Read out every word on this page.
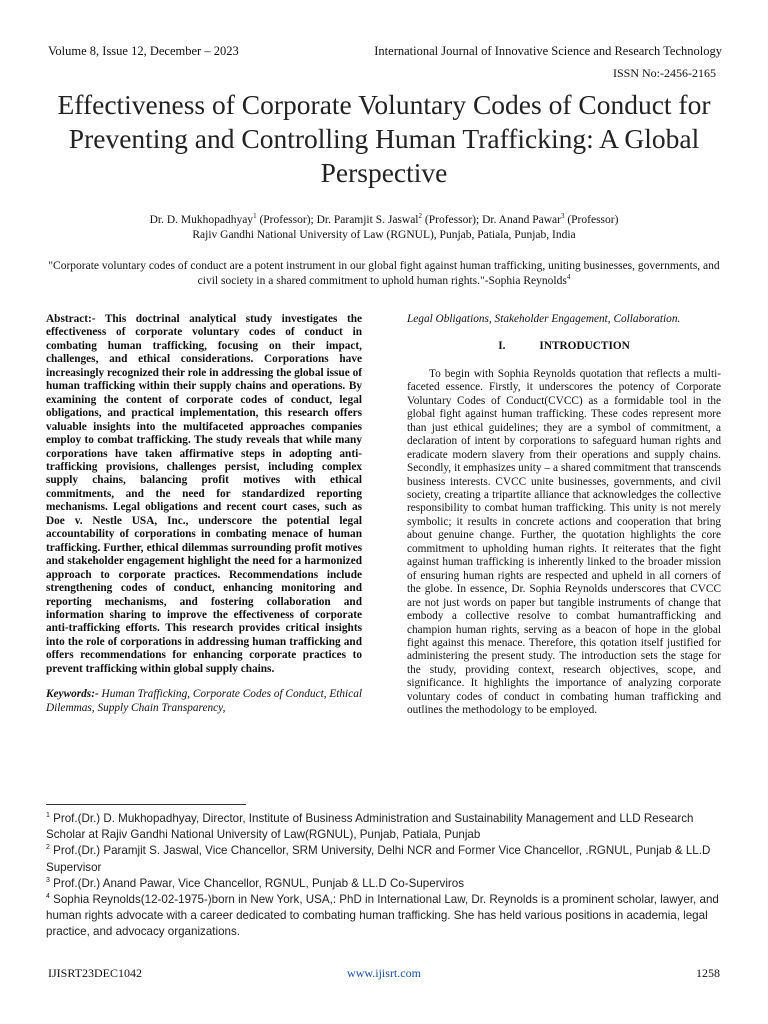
Volume 8, Issue 12, December – 2023	International Journal of Innovative Science and Research Technology
ISSN No:-2456-2165
Effectiveness of Corporate Voluntary Codes of Conduct for Preventing and Controlling Human Trafficking: A Global Perspective
Dr. D. Mukhopadhyay$^1$ (Professor); Dr. Paramjit S. Jaswal$^2$ (Professor); Dr. Anand Pawar$^3$ (Professor)
Rajiv Gandhi National University of Law (RGNUL), Punjab, Patiala, Punjab, India
"Corporate voluntary codes of conduct are a potent instrument in our global fight against human trafficking, uniting businesses, governments, and civil society in a shared commitment to uphold human rights."-Sophia Reynolds$^4$

Abstract:- This doctrinal analytical study investigates the effectiveness of corporate voluntary codes of conduct in combating human trafficking, focusing on their impact, challenges, and ethical considerations. Corporations have increasingly recognized their role in addressing the global issue of human trafficking within their supply chains and operations. By examining the content of corporate codes of conduct, legal obligations, and practical implementation, this research offers valuable insights into the multifaceted approaches companies employ to combat trafficking. The study reveals that while many corporations have taken affirmative steps in adopting anti-trafficking provisions, challenges persist, including complex supply chains, balancing profit motives with ethical commitments, and the need for standardized reporting mechanisms. Legal obligations and recent court cases, such as Doe v. Nestle USA, Inc., underscore the potential legal accountability of corporations in combating menace of human trafficking. Further, ethical dilemmas surrounding profit motives and stakeholder engagement highlight the need for a harmonized approach to corporate practices. Recommendations include strengthening codes of conduct, enhancing monitoring and reporting mechanisms, and fostering collaboration and information sharing to improve the effectiveness of corporate anti-trafficking efforts. This research provides critical insights into the role of corporations in addressing human trafficking and offers recommendations for enhancing corporate practices to prevent trafficking within global supply chains.

Keywords:- Human Trafficking, Corporate Codes of Conduct, Ethical Dilemmas, Supply Chain Transparency,

Legal Obligations, Stakeholder Engagement, Collaboration.

I.	INTRODUCTION

To begin with Sophia Reynolds quotation that reflects a multi-faceted essence. Firstly, it underscores the potency of Corporate Voluntary Codes of Conduct(CVCC) as a formidable tool in the global fight against human trafficking. These codes represent more than just ethical guidelines; they are a symbol of commitment, a declaration of intent by corporations to safeguard human rights and eradicate modern slavery from their operations and supply chains. Secondly, it emphasizes unity – a shared commitment that transcends business interests. CVCC unite businesses, governments, and civil society, creating a tripartite alliance that acknowledges the collective responsibility to combat human trafficking. This unity is not merely symbolic; it results in concrete actions and cooperation that bring about genuine change. Further, the quotation highlights the core commitment to upholding human rights. It reiterates that the fight against human trafficking is inherently linked to the broader mission of ensuring human rights are respected and upheld in all corners of the globe. In essence, Dr. Sophia Reynolds underscores that CVCC are not just words on paper but tangible instruments of change that embody a collective resolve to combat humantrafficking and champion human rights, serving as a beacon of hope in the global fight against this menace. Therefore, this qotation itself justified for administering the present study. The introduction sets the stage for the study, providing context, research objectives, scope, and significance. It highlights the importance of analyzing corporate voluntary codes of conduct in combating human trafficking and outlines the methodology to be employed.

$^1$ Prof.(Dr.) D. Mukhopadhyay, Director, Institute of Business Administration and Sustainability Management and LLD Research Scholar at Rajiv Gandhi National University of Law(RGNUL), Punjab, Patiala, Punjab

$^2$ Prof.(Dr.) Paramjit S. Jaswal, Vice Chancellor, SRM University, Delhi NCR and Former Vice Chancellor, .RGNUL, Punjab & LL.D Supervisor

$^3$ Prof.(Dr.) Anand Pawar, Vice Chancellor, RGNUL, Punjab & LL.D Co-Superviros

$^4$ Sophia Reynolds(12-02-1975-)born in New York, USA,: PhD in International Law, Dr. Reynolds is a prominent scholar, lawyer, and human rights advocate with a career dedicated to combating human trafficking. She has held various positions in academia, legal practice, and advocacy organizations.

IJISRT23DEC1042	www.ijisrt.com	1258
